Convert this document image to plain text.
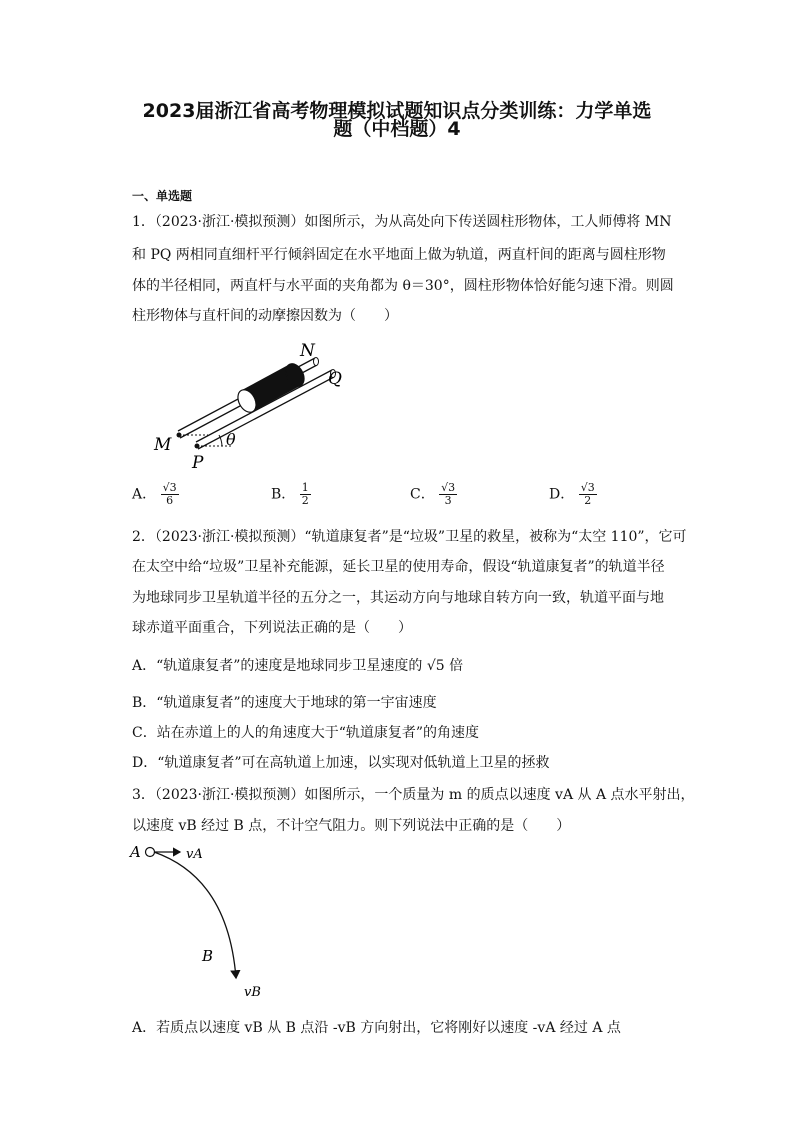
2023届浙江省高考物理模拟试题知识点分类训练：力学单选
题（中档题）4
一、单选题
1．（2023·浙江·模拟预测）如图所示，为从高处向下传送圆柱形物体，工人师傅将 MN
和 PQ 两相同直细杆平行倾斜固定在水平地面上做为轨道，两直杆间的距离与圆柱形物
体的半径相同，两直杆与水平面的夹角都为 θ＝30°，圆柱形物体恰好能匀速下滑。则圆
柱形物体与直杆间的动摩擦因数为（　　）
N
Q
M
P
θ
A． $\frac{√3}{6}$	B． $\frac{1}{2}$	C． $\frac{√3}{3}$	D． $\frac{√3}{2}$
2．（2023·浙江·模拟预测）“轨道康复者”是“垃圾”卫星的救星，被称为“太空 110”，它可
在太空中给“垃圾”卫星补充能源，延长卫星的使用寿命，假设“轨道康复者”的轨道半径
为地球同步卫星轨道半径的五分之一，其运动方向与地球自转方向一致，轨道平面与地
球赤道平面重合，下列说法正确的是（　　）
A．“轨道康复者”的速度是地球同步卫星速度的 √5 倍
B．“轨道康复者”的速度大于地球的第一宇宙速度
C．站在赤道上的人的角速度大于“轨道康复者”的角速度
D．“轨道康复者”可在高轨道上加速，以实现对低轨道上卫星的拯救
3．（2023·浙江·模拟预测）如图所示，一个质量为 m 的质点以速度 vA 从 A 点水平射出，
以速度 vB 经过 B 点，不计空气阻力。则下列说法中正确的是（　　）
A	vA
B
vB
A．若质点以速度 vB 从 B 点沿 -vB 方向射出，它将刚好以速度 -vA 经过 A 点
